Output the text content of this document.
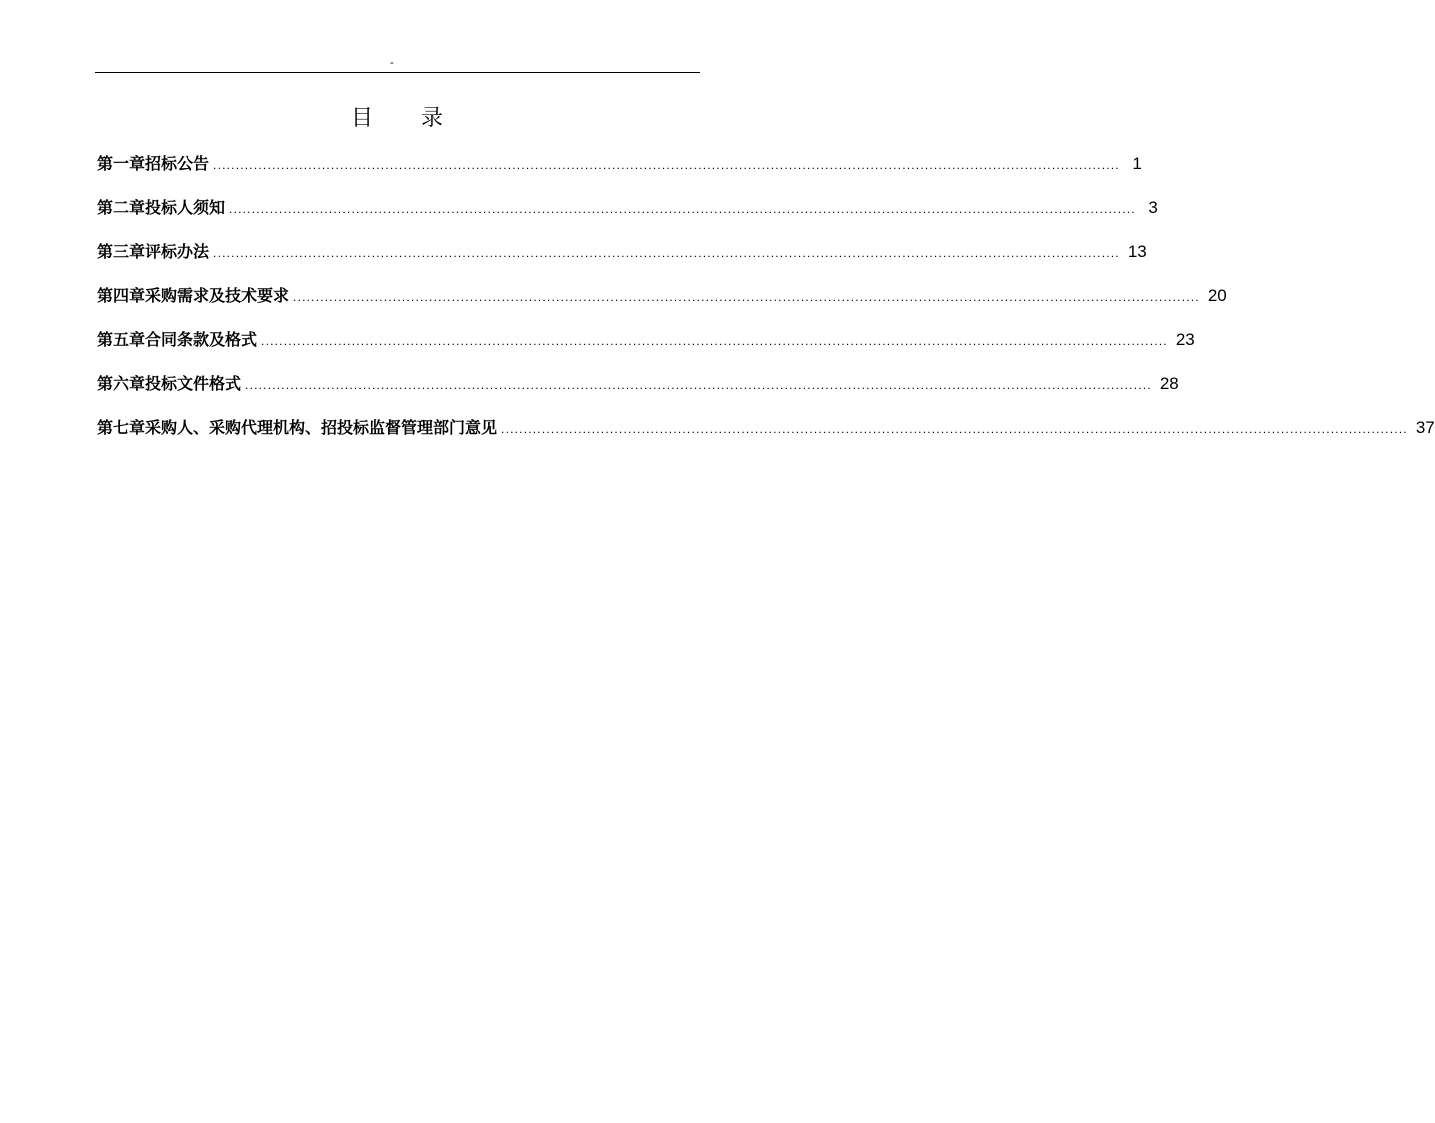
-
目 录
第一章 招标公告 ........................................................................................................................................................................................................ 1
第二章 投标人须知 ........................................................................................................................................................................................................ 3
第三章 评标办法 ........................................................................................................................................................................................................ 13
第四章 采购需求及技术要求 ........................................................................................................................................................................................................ 20
第五章 合同条款及格式 ........................................................................................................................................................................................................ 23
第六章 投标文件格式 ........................................................................................................................................................................................................ 28
第七章 采购人、采购代理机构、招投标监督管理部门意见 ........................................................................................................................................................................................................ 37
